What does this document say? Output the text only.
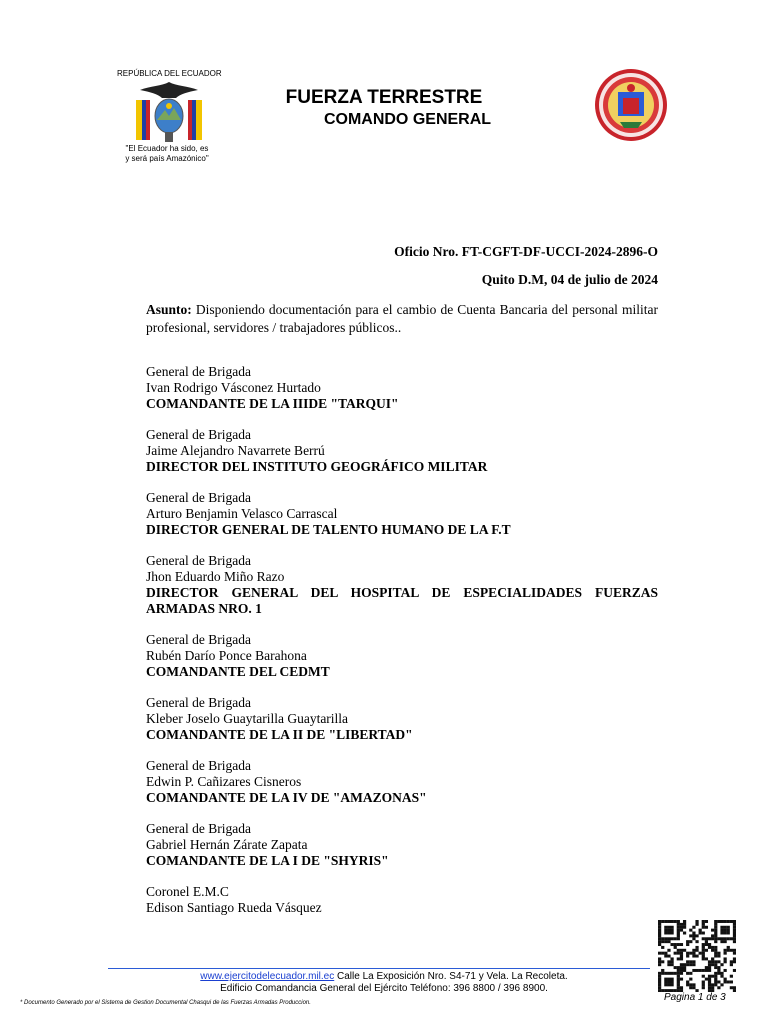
REPÚBLICA DEL ECUADOR
"El Ecuador ha sido, es
y será país Amazónico"
FUERZA TERRESTRE
COMANDO GENERAL
Oficio Nro. FT-CGFT-DF-UCCI-2024-2896-O
Quito D.M, 04 de julio de 2024
Asunto: Disponiendo documentación para el cambio de Cuenta Bancaria del personal militar profesional, servidores / trabajadores públicos..
General de Brigada
Ivan Rodrigo Vásconez Hurtado
COMANDANTE DE LA IIIDE "TARQUI"
General de Brigada
Jaime Alejandro Navarrete Berrú
DIRECTOR DEL INSTITUTO GEOGRÁFICO MILITAR
General de Brigada
Arturo Benjamin Velasco Carrascal
DIRECTOR GENERAL DE TALENTO HUMANO DE LA F.T
General de Brigada
Jhon Eduardo Miño Razo
DIRECTOR GENERAL DEL HOSPITAL DE ESPECIALIDADES FUERZAS ARMADAS NRO. 1
General de Brigada
Rubén Darío Ponce Barahona
COMANDANTE DEL CEDMT
General de Brigada
Kleber Joselo Guaytarilla Guaytarilla
COMANDANTE DE LA II DE "LIBERTAD"
General de Brigada
Edwin P. Cañizares Cisneros
COMANDANTE DE LA IV DE "AMAZONAS"
General de Brigada
Gabriel Hernán Zárate Zapata
COMANDANTE DE LA I DE "SHYRIS"
Coronel E.M.C
Edison Santiago Rueda Vásquez
www.ejercitodelecuador.mil.ec Calle La Exposición Nro. S4-71 y Vela. La Recoleta.
Edificio Comandancia General del Ejército Teléfono: 396 8800 / 396 8900.
Pagina 1 de 3
* Documento Generado por el Sistema de Gestion Documental Chasqui de las Fuerzas Armadas Produccion.
